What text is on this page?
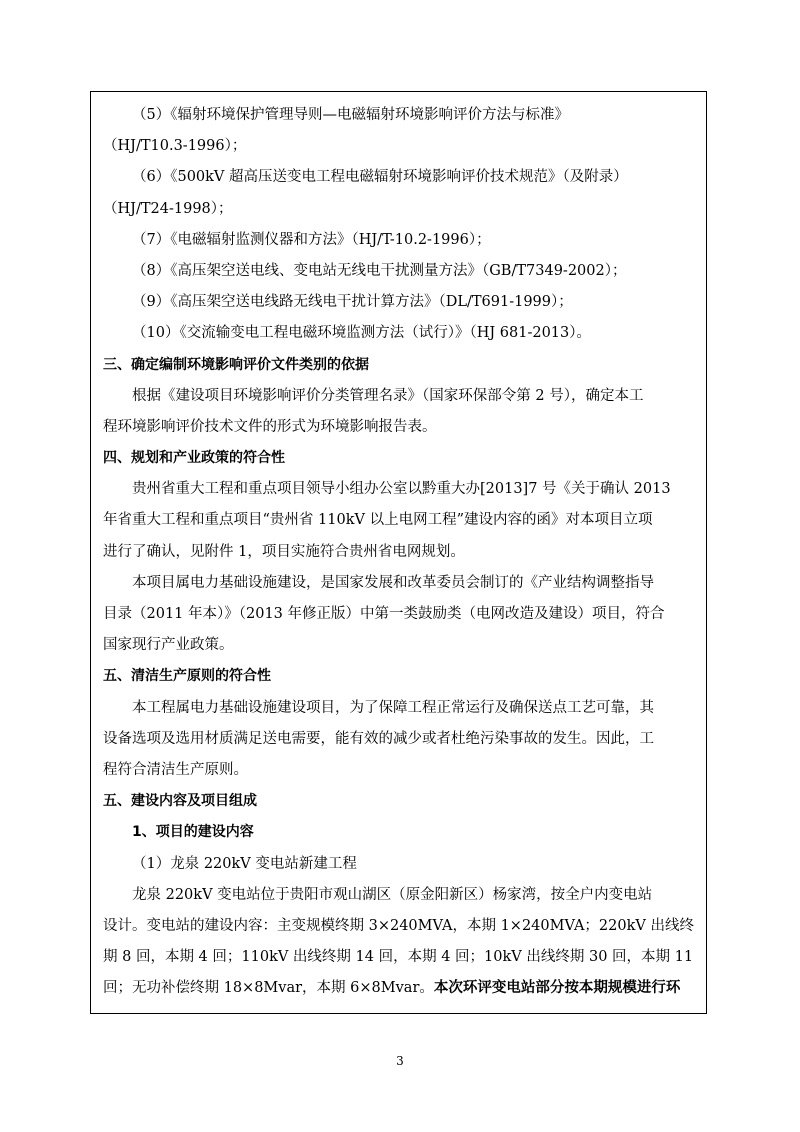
（5）《辐射环境保护管理导则—电磁辐射环境影响评价方法与标准》
（HJ/T10.3-1996）；
（6）《500kV 超高压送变电工程电磁辐射环境影响评价技术规范》（及附录）
（HJ/T24-1998）；
（7）《电磁辐射监测仪器和方法》（HJ/T-10.2-1996）；
（8）《高压架空送电线、变电站无线电干扰测量方法》（GB/T7349-2002）；
（9）《高压架空送电线路无线电干扰计算方法》（DL/T691-1999）；
（10）《交流输变电工程电磁环境监测方法（试行）》（HJ 681-2013）。
三、确定编制环境影响评价文件类别的依据
根据《建设项目环境影响评价分类管理名录》（国家环保部令第 2 号），确定本工
程环境影响评价技术文件的形式为环境影响报告表。
四、规划和产业政策的符合性
贵州省重大工程和重点项目领导小组办公室以黔重大办[2013]7 号《关于确认 2013
年省重大工程和重点项目“贵州省 110kV 以上电网工程”建设内容的函》对本项目立项
进行了确认，见附件 1，项目实施符合贵州省电网规划。
本项目属电力基础设施建设，是国家发展和改革委员会制订的《产业结构调整指导
目录（2011 年本）》（2013 年修正版）中第一类鼓励类（电网改造及建设）项目，符合
国家现行产业政策。
五、清洁生产原则的符合性
本工程属电力基础设施建设项目，为了保障工程正常运行及确保送点工艺可靠，其
设备选项及选用材质满足送电需要，能有效的减少或者杜绝污染事故的发生。因此，工
程符合清洁生产原则。
五、建设内容及项目组成
1、项目的建设内容
（1）龙泉 220kV 变电站新建工程
龙泉 220kV 变电站位于贵阳市观山湖区（原金阳新区）杨家湾，按全户内变电站
设计。变电站的建设内容：主变规模终期 3×240MVA，本期 1×240MVA；220kV 出线终
期 8 回，本期 4 回；110kV 出线终期 14 回，本期 4 回；10kV 出线终期 30 回，本期 11
回；无功补偿终期 18×8Mvar，本期 6×8Mvar。本次环评变电站部分按本期规模进行环
3
